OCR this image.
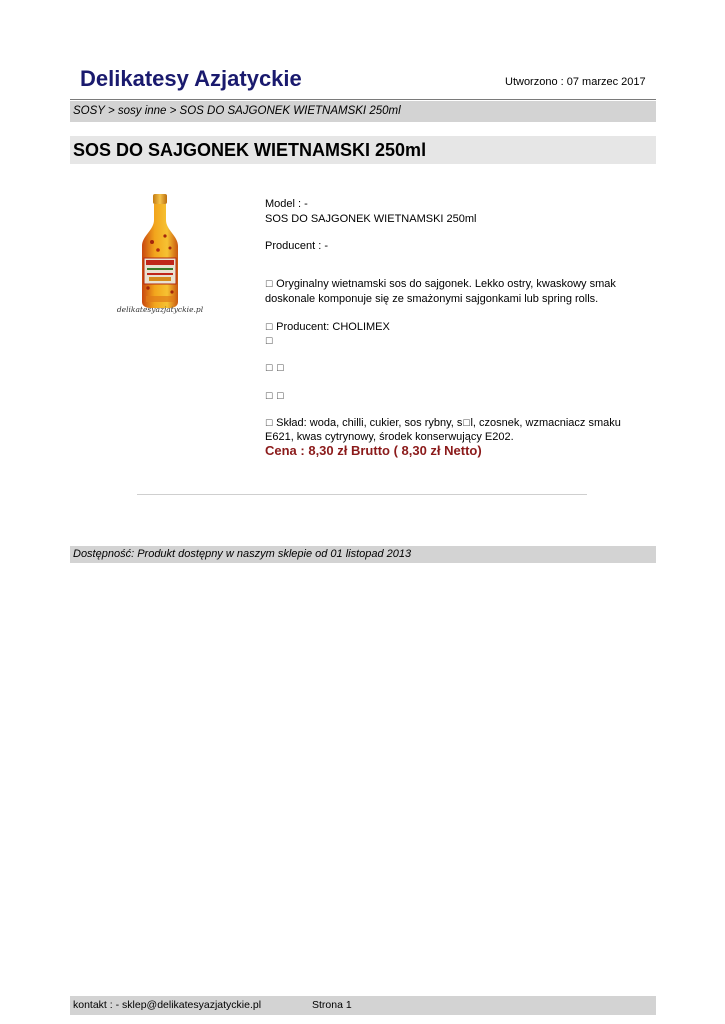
Delikatesy Azjatyckie	Utworzono : 07 marzec 2017
SOSY > sosy inne > SOS DO SAJGONEK WIETNAMSKI 250ml
SOS DO SAJGONEK WIETNAMSKI 250ml
delikatesyazjatyckie.pl
Model : -
SOS DO SAJGONEK WIETNAMSKI 250ml
Producent : -
☐ Oryginalny wietnamski sos do sajgonek. Lekko ostry, kwaskowy smak
doskonale komponuje się ze smażonymi sajgonkami lub spring rolls.
☐ Producent: CHOLIMEX
☐
☐ ☐
☐ ☐
☐ Skład: woda, chilli, cukier, sos rybny, s☐l, czosnek, wzmacniacz smaku
E621, kwas cytrynowy, środek konserwujący E202.
Cena : 8,30 zł Brutto ( 8,30 zł Netto)
Dostępność: Produkt dostępny w naszym sklepie od 01 listopad 2013
kontakt : - sklep@delikatesyazjatyckie.pl	Strona 1
